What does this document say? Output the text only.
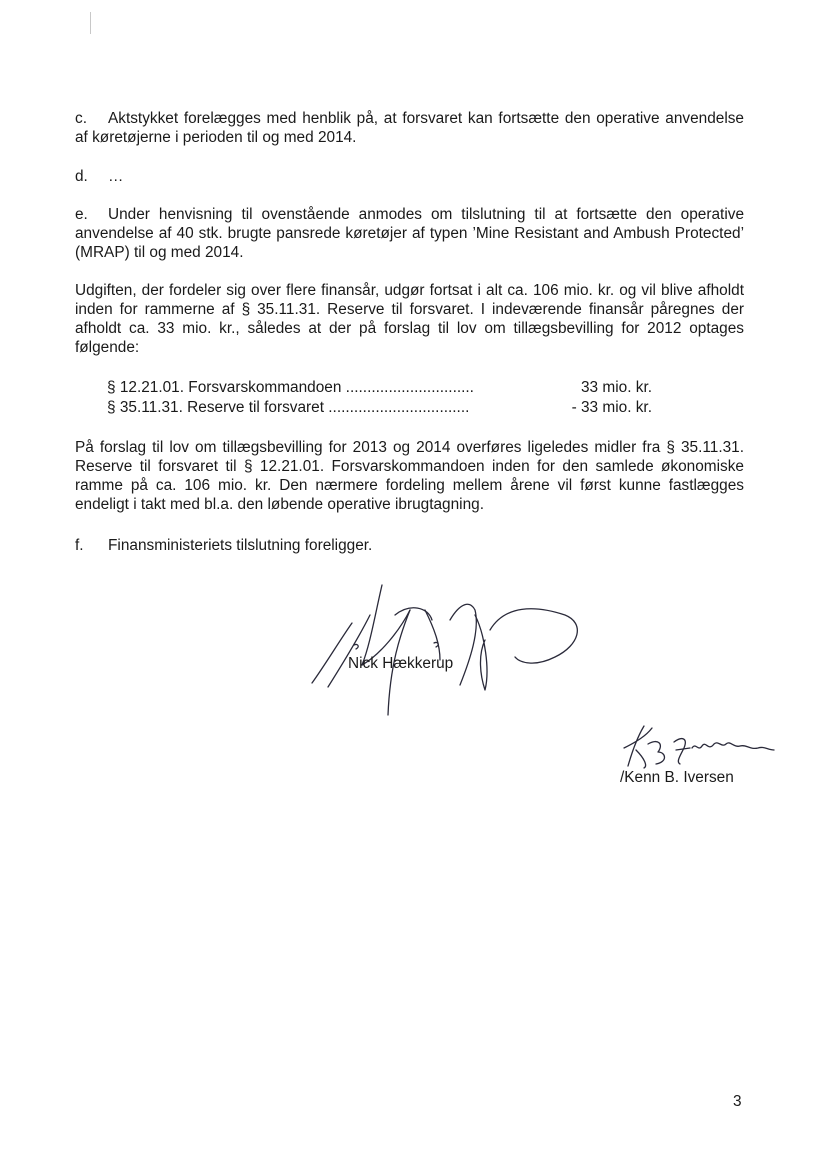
c. Aktstykket forelægges med henblik på, at forsvaret kan fortsætte den operative anvendelse af køretøjerne i perioden til og med 2014.

d. …

e. Under henvisning til ovenstående anmodes om tilslutning til at fortsætte den operative anvendelse af 40 stk. brugte pansrede køretøjer af typen ’Mine Resistant and Ambush Protected’ (MRAP) til og med 2014.

Udgiften, der fordeler sig over flere finansår, udgør fortsat i alt ca. 106 mio. kr. og vil blive afholdt inden for rammerne af § 35.11.31. Reserve til forsvaret. I indeværende finansår påregnes der afholdt ca. 33 mio. kr., således at der på forslag til lov om tillægsbevilling for 2012 optages følgende:

§ 12.21.01. Forsvarskommandoen ..............................	33 mio. kr.
§ 35.11.31. Reserve til forsvaret .................................	- 33 mio. kr.

På forslag til lov om tillægsbevilling for 2013 og 2014 overføres ligeledes midler fra § 35.11.31. Reserve til forsvaret til § 12.21.01. Forsvarskommandoen inden for den samlede økonomiske ramme på ca. 106 mio. kr. Den nærmere fordeling mellem årene vil først kunne fastlægges endeligt i takt med bl.a. den løbende operative ibrugtagning.

f. Finansministeriets tilslutning foreligger.

Nick Hækkerup
/Kenn B. Iversen
3
